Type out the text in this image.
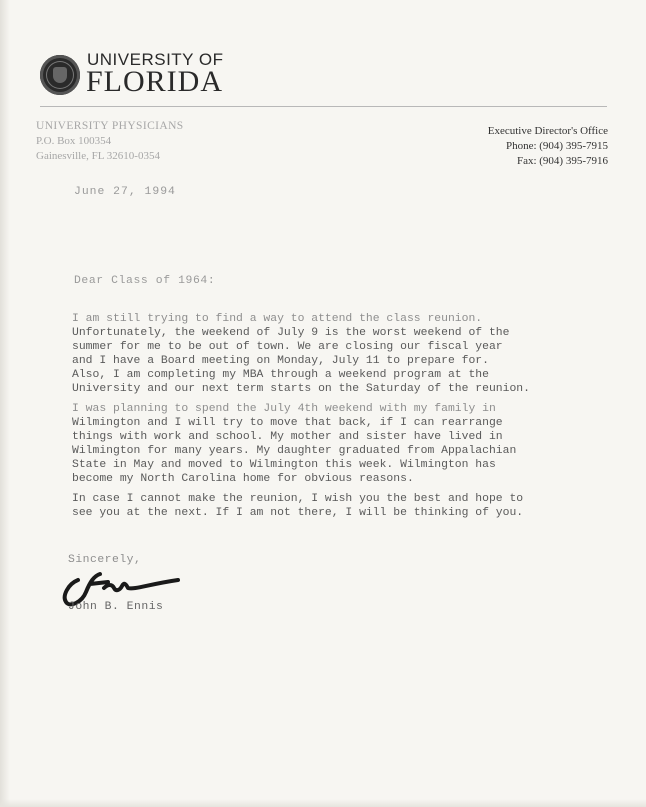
UNIVERSITY OF
FLORIDA
UNIVERSITY PHYSICIANS
P.O. Box 100354
Gainesville, FL 32610-0354
Executive Director's Office
Phone: (904) 395-7915
Fax: (904) 395-7916
June 27, 1994
Dear Class of 1964:
I am still trying to find a way to attend the class reunion.
Unfortunately, the weekend of July 9 is the worst weekend of the
summer for me to be out of town. We are closing our fiscal year
and I have a Board meeting on Monday, July 11 to prepare for.
Also, I am completing my MBA through a weekend program at the
University and our next term starts on the Saturday of the reunion.
I was planning to spend the July 4th weekend with my family in
Wilmington and I will try to move that back, if I can rearrange
things with work and school. My mother and sister have lived in
Wilmington for many years. My daughter graduated from Appalachian
State in May and moved to Wilmington this week. Wilmington has
become my North Carolina home for obvious reasons.
In case I cannot make the reunion, I wish you the best and hope to
see you at the next. If I am not there, I will be thinking of you.
Sincerely,
John B. Ennis
